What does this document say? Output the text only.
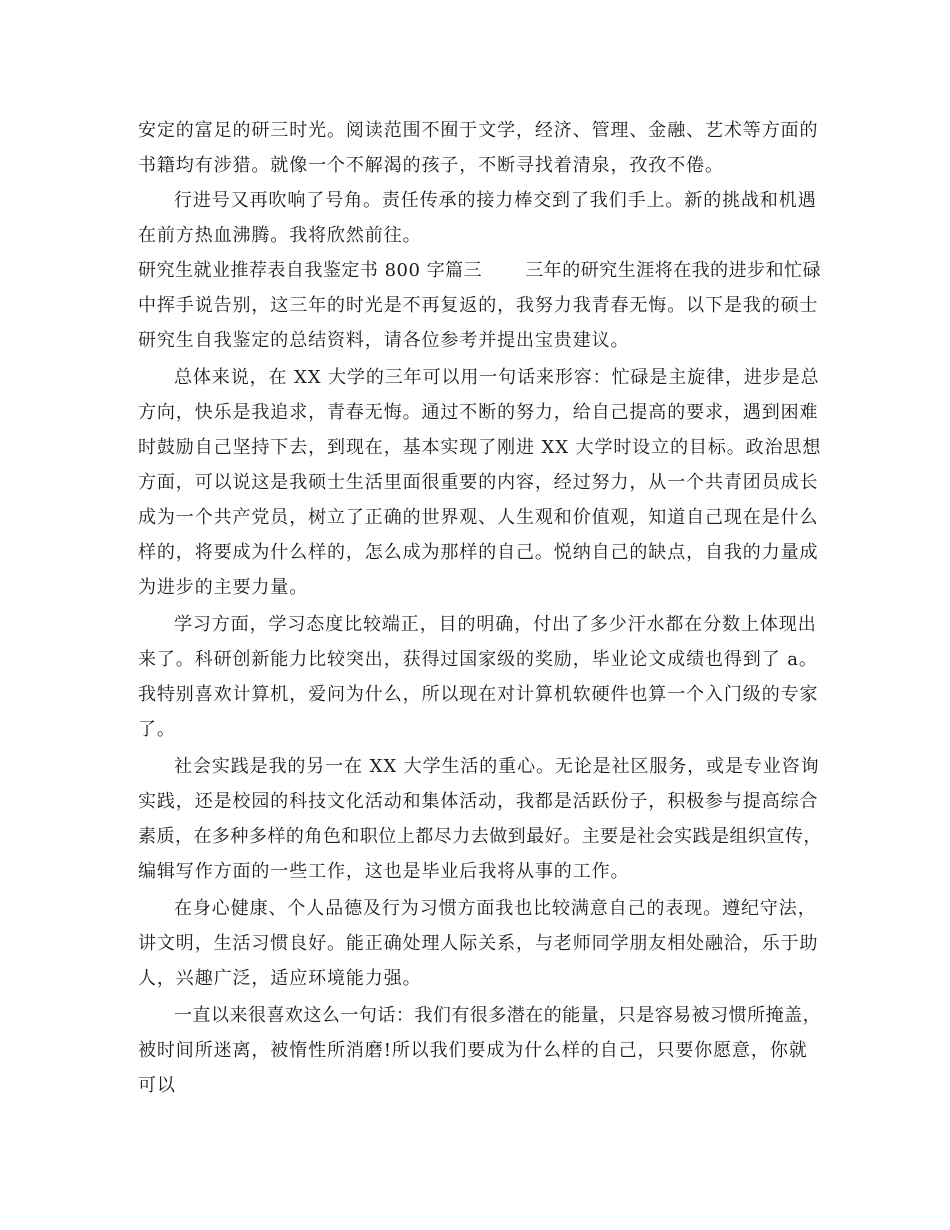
安定的富足的研三时光。阅读范围不囿于文学，经济、管理、金融、艺术等方面的
书籍均有涉猎。就像一个不解渴的孩子，不断寻找着清泉，孜孜不倦。
行进号又再吹响了号角。责任传承的接力棒交到了我们手上。新的挑战和机遇
在前方热血沸腾。我将欣然前往。
研究生就业推荐表自我鉴定书 800 字篇三　　 三年的研究生涯将在我的进步和忙碌
中挥手说告别，这三年的时光是不再复返的，我努力我青春无悔。以下是我的硕士
研究生自我鉴定的总结资料，请各位参考并提出宝贵建议。
总体来说，在 XX 大学的三年可以用一句话来形容：忙碌是主旋律，进步是总
方向，快乐是我追求，青春无悔。通过不断的努力，给自己提高的要求，遇到困难
时鼓励自己坚持下去，到现在，基本实现了刚进 XX 大学时设立的目标。政治思想
方面，可以说这是我硕士生活里面很重要的内容，经过努力，从一个共青团员成长
成为一个共产党员，树立了正确的世界观、人生观和价值观，知道自己现在是什么
样的，将要成为什么样的，怎么成为那样的自己。悦纳自己的缺点，自我的力量成
为进步的主要力量。
学习方面，学习态度比较端正，目的明确，付出了多少汗水都在分数上体现出
来了。科研创新能力比较突出，获得过国家级的奖励，毕业论文成绩也得到了 a。
我特别喜欢计算机，爱问为什么，所以现在对计算机软硬件也算一个入门级的专家
了。
社会实践是我的另一在 XX 大学生活的重心。无论是社区服务，或是专业咨询
实践，还是校园的科技文化活动和集体活动，我都是活跃份子，积极参与提高综合
素质，在多种多样的角色和职位上都尽力去做到最好。主要是社会实践是组织宣传，
编辑写作方面的一些工作，这也是毕业后我将从事的工作。
在身心健康、个人品德及行为习惯方面我也比较满意自己的表现。遵纪守法，
讲文明，生活习惯良好。能正确处理人际关系，与老师同学朋友相处融洽，乐于助
人，兴趣广泛，适应环境能力强。
一直以来很喜欢这么一句话：我们有很多潜在的能量，只是容易被习惯所掩盖，
被时间所迷离，被惰性所消磨!所以我们要成为什么样的自己，只要你愿意，你就
可以
